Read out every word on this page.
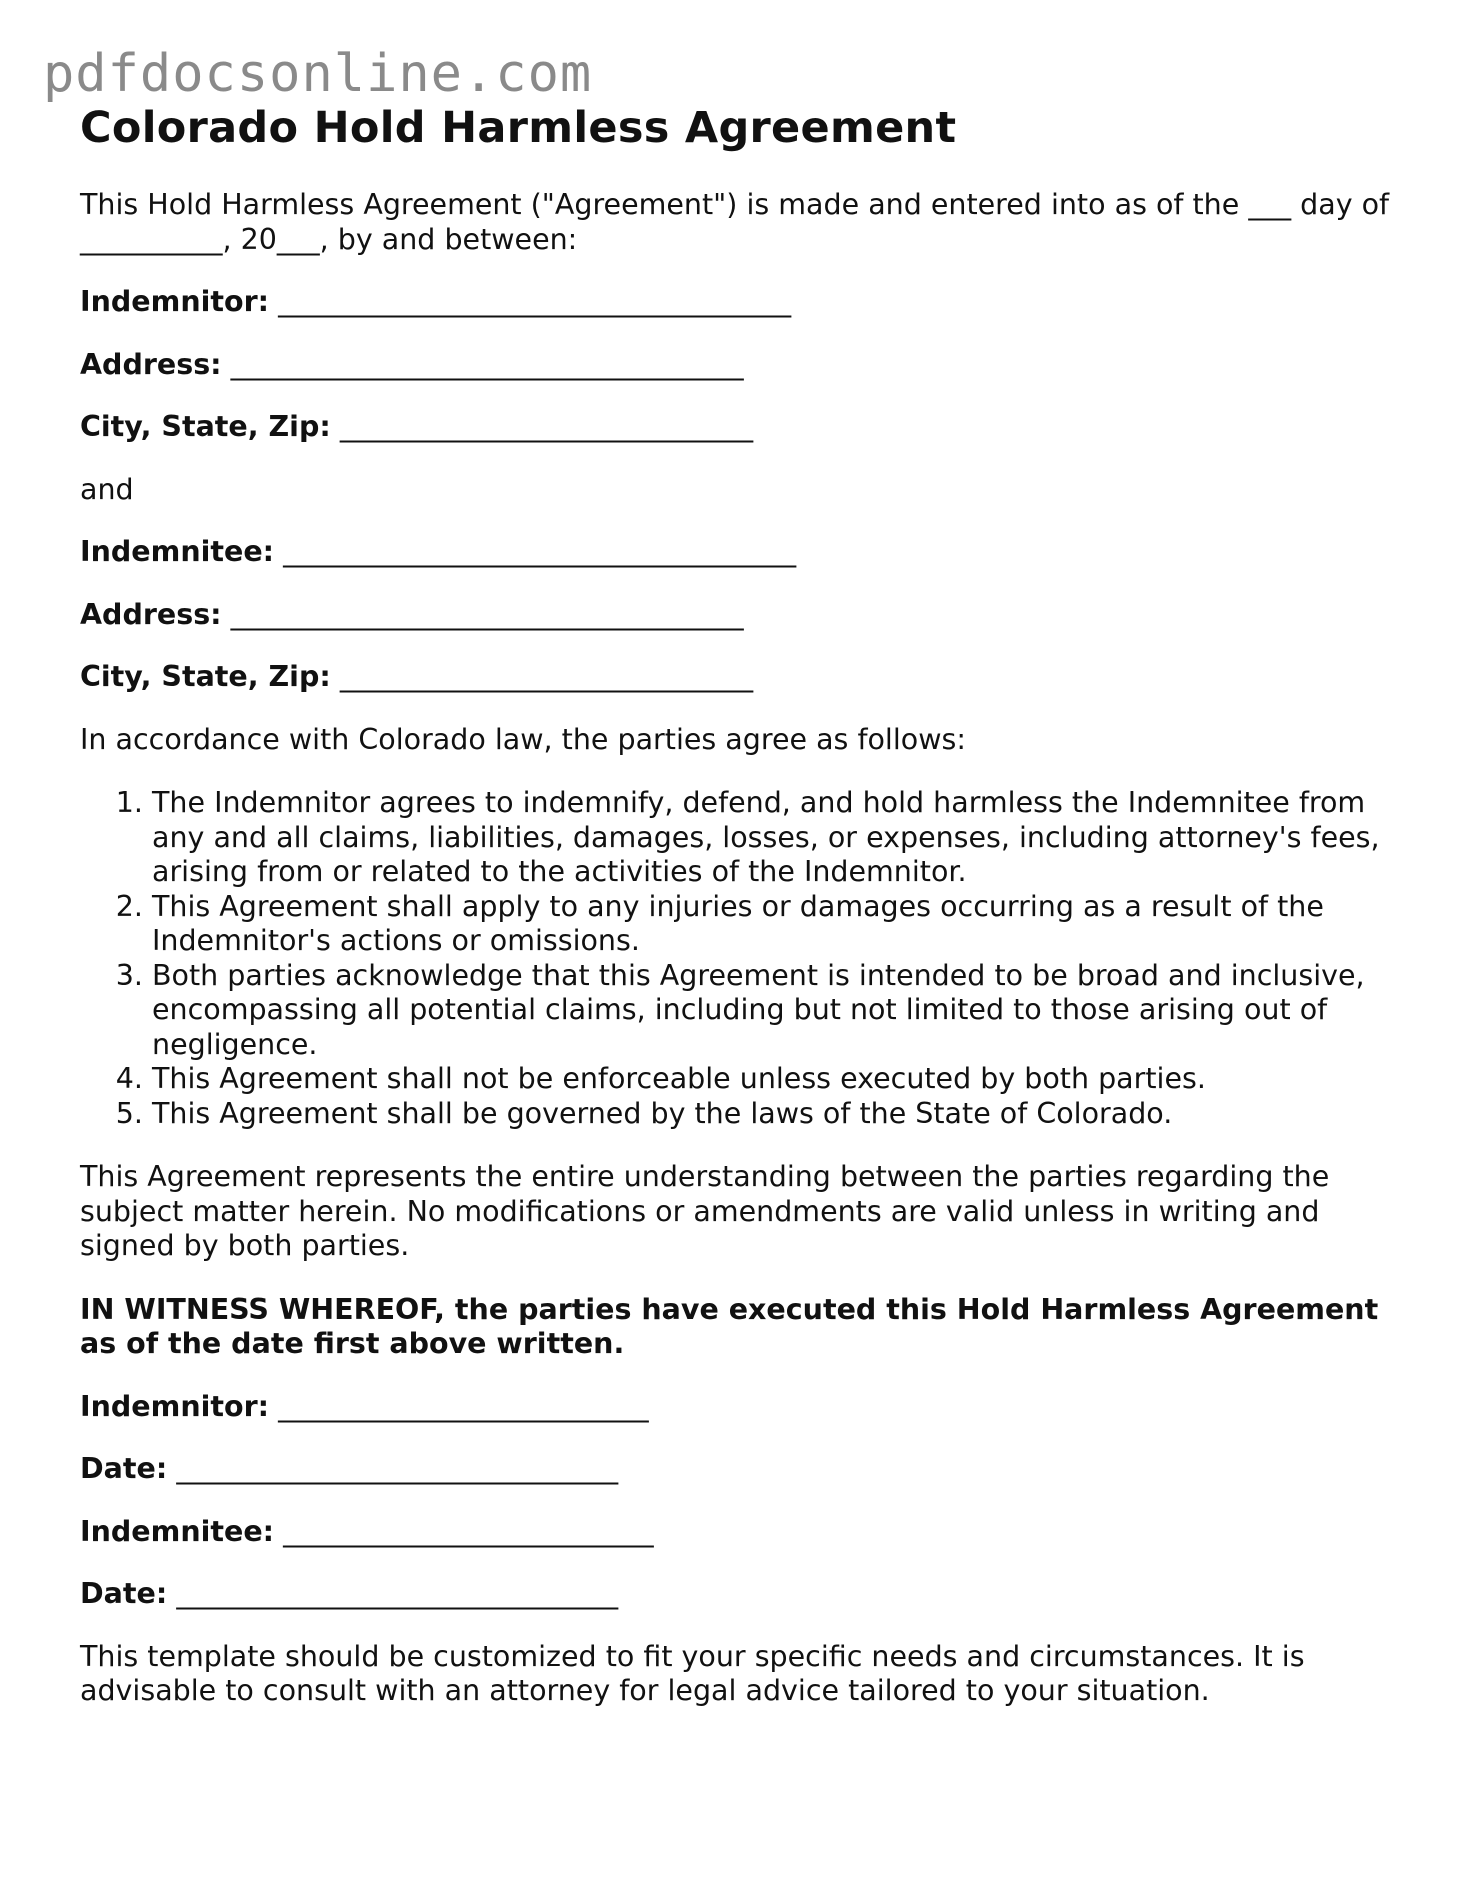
pdfdocsonline.com
Colorado Hold Harmless Agreement

This Hold Harmless Agreement ("Agreement") is made and entered into as of the ___ day of __________, 20___, by and between:

Indemnitor: ____________________________________

Address: ____________________________________

City, State, Zip: _____________________________

and

Indemnitee: ____________________________________

Address: ____________________________________

City, State, Zip: _____________________________

In accordance with Colorado law, the parties agree as follows:

1. The Indemnitor agrees to indemnify, defend, and hold harmless the Indemnitee from any and all claims, liabilities, damages, losses, or expenses, including attorney's fees, arising from or related to the activities of the Indemnitor.
2. This Agreement shall apply to any injuries or damages occurring as a result of the Indemnitor's actions or omissions.
3. Both parties acknowledge that this Agreement is intended to be broad and inclusive, encompassing all potential claims, including but not limited to those arising out of negligence.
4. This Agreement shall not be enforceable unless executed by both parties.
5. This Agreement shall be governed by the laws of the State of Colorado.

This Agreement represents the entire understanding between the parties regarding the subject matter herein. No modifications or amendments are valid unless in writing and signed by both parties.

IN WITNESS WHEREOF, the parties have executed this Hold Harmless Agreement as of the date first above written.

Indemnitor: __________________________

Date: _______________________________

Indemnitee: __________________________

Date: _______________________________

This template should be customized to fit your specific needs and circumstances. It is advisable to consult with an attorney for legal advice tailored to your situation.
